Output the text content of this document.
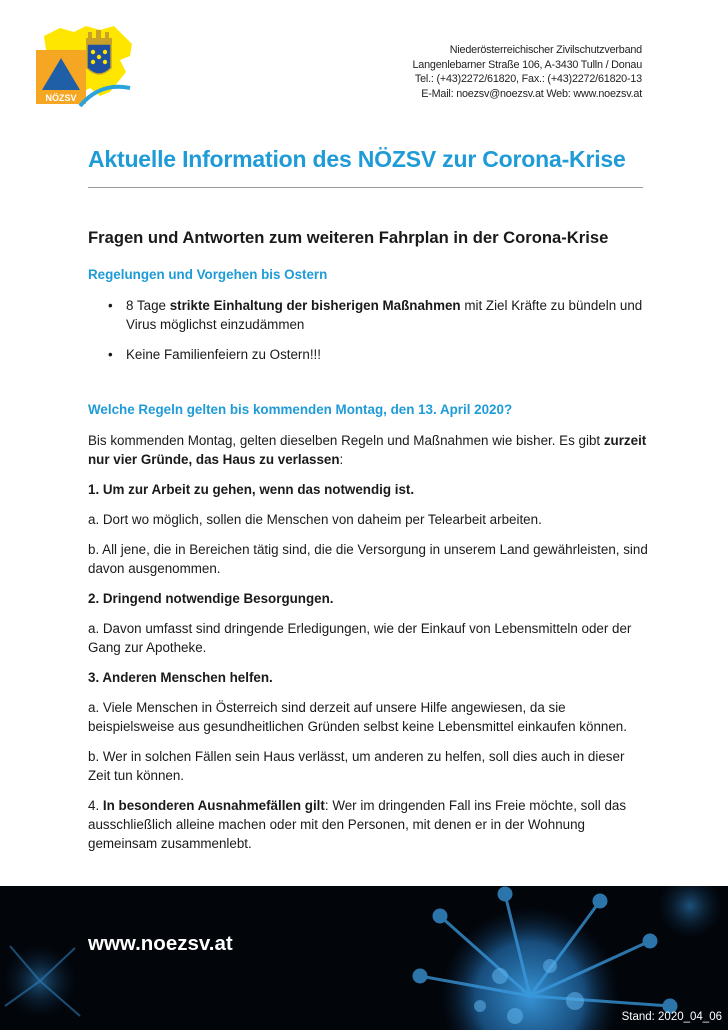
NÖZSV
Niederösterreichischer Zivilschutzverband
Langenlebarner Straße 106, A-3430 Tulln / Donau
Tel.: (+43)2272/61820, Fax.: (+43)2272/61820-13
E-Mail: noezsv@noezsv.at Web: www.noezsv.at
Aktuelle Information des NÖZSV zur Corona-Krise
Fragen und Antworten zum weiteren Fahrplan in der Corona-Krise
Regelungen und Vorgehen bis Ostern
• 8 Tage strikte Einhaltung der bisherigen Maßnahmen mit Ziel Kräfte zu bündeln und Virus möglichst einzudämmen
• Keine Familienfeiern zu Ostern!!!
Welche Regeln gelten bis kommenden Montag, den 13. April 2020?

Bis kommenden Montag, gelten dieselben Regeln und Maßnahmen wie bisher. Es gibt zurzeit nur vier Gründe, das Haus zu verlassen:

1. Um zur Arbeit zu gehen, wenn das notwendig ist.

a. Dort wo möglich, sollen die Menschen von daheim per Telearbeit arbeiten.

b. All jene, die in Bereichen tätig sind, die die Versorgung in unserem Land gewährleisten, sind davon ausgenommen.

2. Dringend notwendige Besorgungen.

a. Davon umfasst sind dringende Erledigungen, wie der Einkauf von Lebensmitteln oder der Gang zur Apotheke.

3. Anderen Menschen helfen.

a. Viele Menschen in Österreich sind derzeit auf unsere Hilfe angewiesen, da sie beispielsweise aus gesundheitlichen Gründen selbst keine Lebensmittel einkaufen können.

b. Wer in solchen Fällen sein Haus verlässt, um anderen zu helfen, soll dies auch in dieser Zeit tun können.

4. In besonderen Ausnahmefällen gilt: Wer im dringenden Fall ins Freie möchte, soll das ausschließlich alleine machen oder mit den Personen, mit denen er in der Wohnung gemeinsam zusammenlebt.

www.noezsv.at
Stand: 2020_04_06
